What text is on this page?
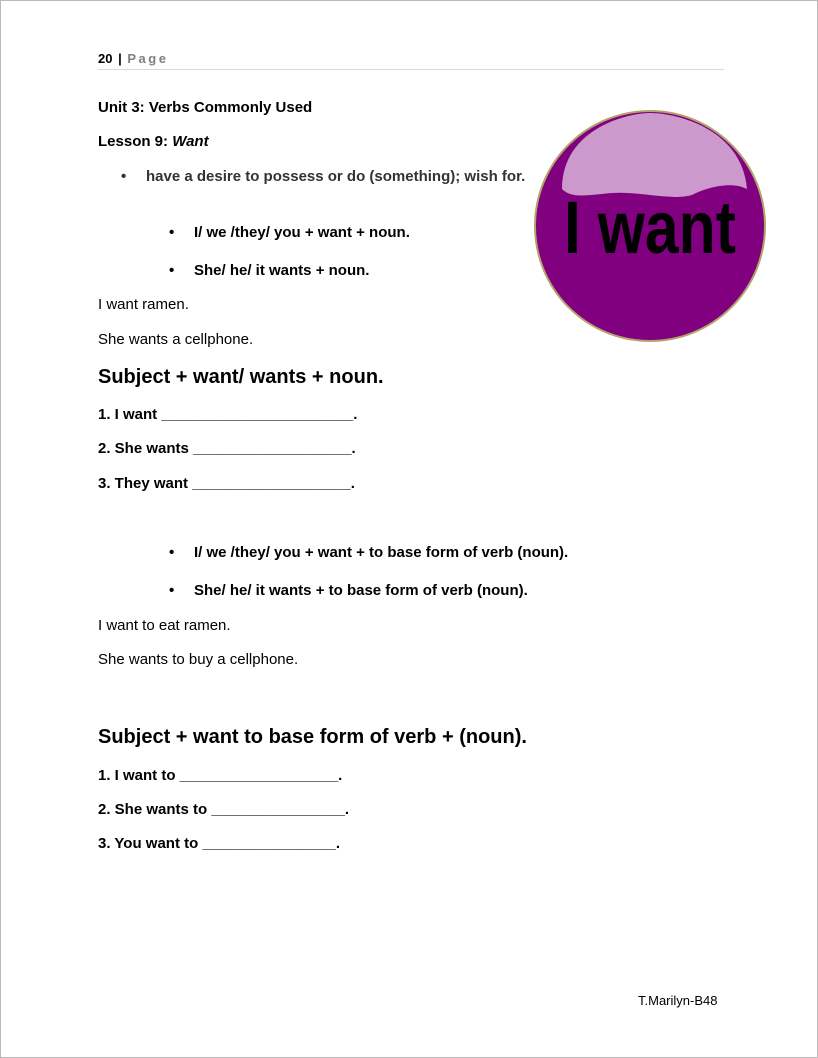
20 | Page
Unit 3: Verbs Commonly Used
Lesson 9: Want
• have a desire to possess or do (something); wish for.
• I/ we /they/ you + want + noun.
• She/ he/ it wants + noun.
I want ramen.
She wants a cellphone.
Subject + want/ wants + noun.
1. I want _______________________.
2. She wants ___________________.
3. They want ___________________.
• I/ we /they/ you + want + to base form of verb (noun).
• She/ he/ it wants + to base form of verb (noun).
I want to eat ramen.
She wants to buy a cellphone.
Subject + want to base form of verb + (noun).
1. I want to ___________________.
2. She wants to ________________.
3. You want to ________________.
I want
T.Marilyn-B48
